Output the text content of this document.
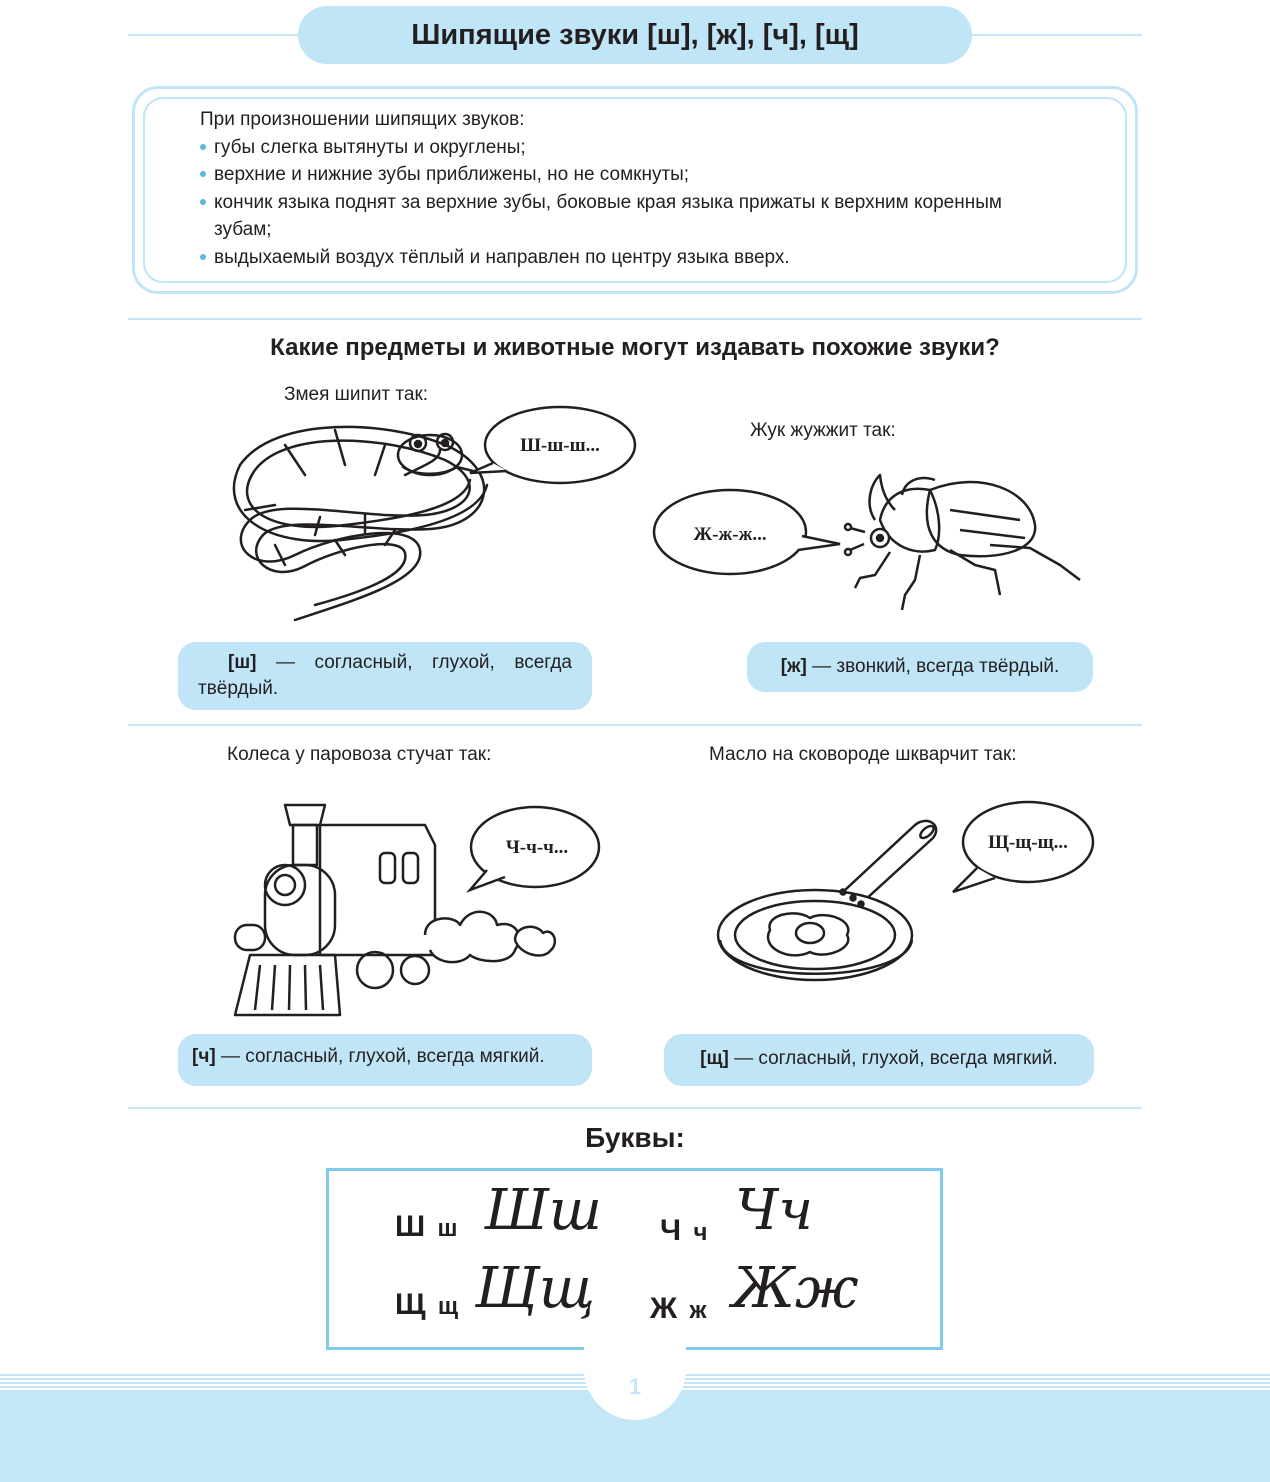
Шипящие звуки [ш], [ж], [ч], [щ]
При произношении шипящих звуков:
губы слегка вытянуты и округлены;
верхние и нижние зубы приближены, но не сомкнуты;
кончик языка поднят за верхние зубы, боковые края языка прижаты к верхним коренным
зубам;
выдыхаемый воздух тёплый и направлен по центру языка вверх.
Какие предметы и животные могут издавать похожие звуки?
Змея шипит так:
Ш-ш-ш...
[ш] — согласный, глухой, всегда твёрдый.
Жук жужжит так:
Ж-ж-ж...
[ж] — звонкий, всегда твёрдый.
Колеса у паровоза стучат так:
Ч-ч-ч...
[ч] — согласный, глухой, всегда мягкий.
Масло на сковороде шкварчит так:
Щ-щ-щ...
[щ] — согласный, глухой, всегда мягкий.
Буквы:
Ш ш Шш Ч ч Чч
Щ щ Щщ Ж ж Жж
1
